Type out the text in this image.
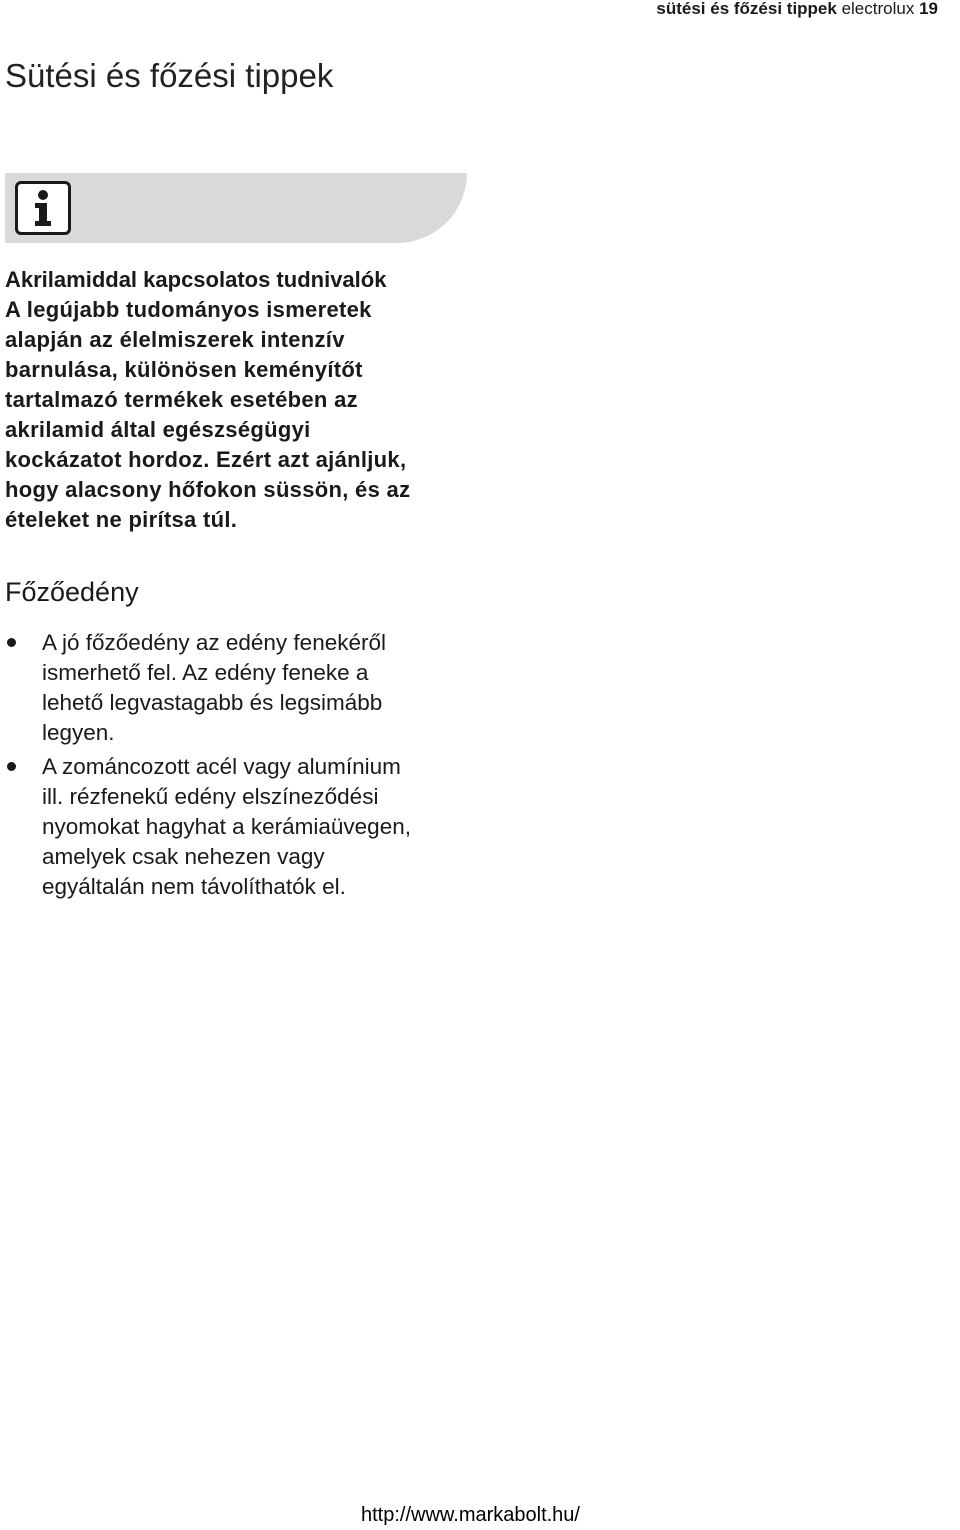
sütési és főzési tippek electrolux 19
Sütési és főzési tippek
Akrilamiddal kapcsolatos tudnivalók

A legújabb tudományos ismeretek
alapján az élelmiszerek intenzív
barnulása, különösen keményítőt
tartalmazó termékek esetében az
akrilamid által egészségügyi
kockázatot hordoz. Ezért azt ajánljuk,
hogy alacsony hőfokon süssön, és az
ételeket ne pirítsa túl.

Főzőedény
A jó főzőedény az edény fenekéről
ismerhető fel. Az edény feneke a
lehető legvastagabb és legsimább
legyen.
A zománcozott acél vagy alumínium
ill. rézfenekű edény elszíneződési
nyomokat hagyhat a kerámiaüvegen,
amelyek csak nehezen vagy
egyáltalán nem távolíthatók el.
http://www.markabolt.hu/
